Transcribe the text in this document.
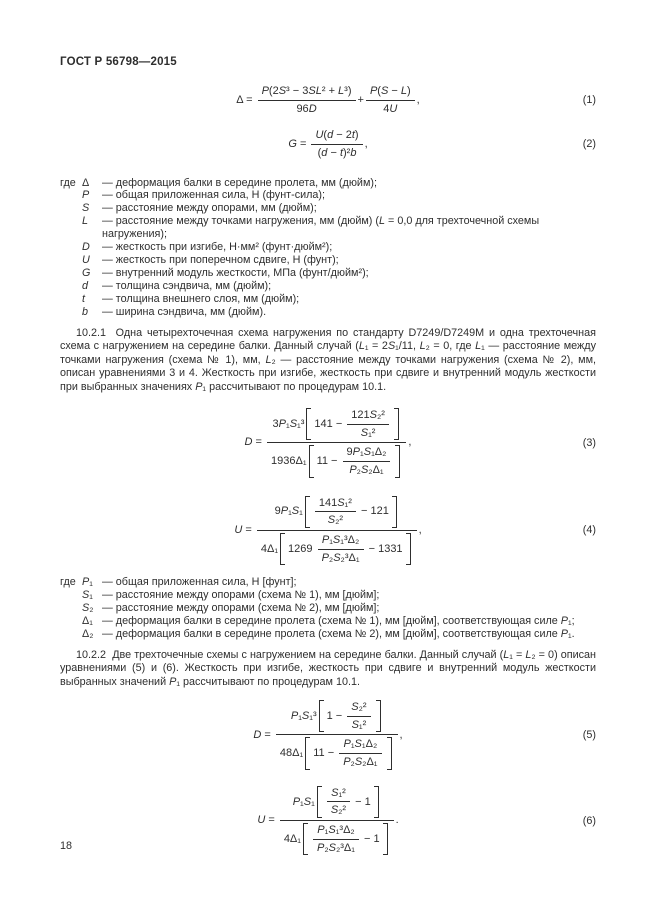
ГОСТ Р 56798—2015
$\Delta = \frac{\text{P (2 S ³ − 3 SL ² + L ³)}}{96 D} + \frac{P ( S - L )}{4 U}$ ,	(1)
$G = \frac{U ( d - 2 t )}{\text{( d − t )² b}}$ ,	(2)
где Δ	— деформация балки в середине пролета, мм (дюйм);
P	— общая приложенная сила, Н (фунт-сила);
S	— расстояние между опорами, мм (дюйм);
L	— расстояние между точками нагружения, мм (дюйм) (L = 0,0 для трехточечной схемы нагружения);
D	— жесткость при изгибе, Н·мм² (фунт·дюйм²);
U	— жесткость при поперечном сдвиге, Н (фунт);
G	— внутренний модуль жесткости, МПа (фунт/дюйм²);
d	— толщина сэндвича, мм (дюйм);
t	— толщина внешнего слоя, мм (дюйм);
b	— ширина сэндвича, мм (дюйм).
10.2.1  Одна четырехточечная схема нагружения по стандарту D7249/D7249M и одна трехточечная схема с нагружением на середине балки. Данный случай (L₁ = 2S₁/11, L₂ = 0, где L₁ — расстояние между точками нагружения (схема № 1), мм, L₂ — расстояние между точками нагружения (схема № 2), мм, описан уравнениями 3 и 4. Жесткость при изгибе, жесткость при сдвиге и внутренний модуль жесткости при выбранных значениях P₁ рассчитывают по процедурам 10.1.
$D = \frac{3P_1S_1^3 141 - \frac{\text{121 S ₂²}}{\text{S ₁²}}}{1936\Delta_1 11 - \frac{\text{9 P ₁ S ₁ Δ₂}}{\text{P ₂ S ₂ Δ₁}}}$ ,	(3)
U =
$9P_1S_1 \frac{\text{141 S ₁²}}{\text{S ₂²}} - 121$
4Δ₁ $1269 \frac{\text{P ₁ S ₁³ Δ₂}}{\text{P ₂ S ₂³ Δ₁}} - 1331$
,	(4)
где P₁ — общая приложенная сила, Н [фунт];
S₁ — расстояние между опорами (схема № 1), мм [дюйм];
S₂ — расстояние между опорами (схема № 2), мм [дюйм];
Δ₁ — деформация балки в середине пролета (схема № 1), мм [дюйм], соответствующая силе P₁;
Δ₂ — деформация балки в середине пролета (схема № 2), мм [дюйм], соответствующая силе P₁.
10.2.2  Две трехточечные схемы с нагружением на середине балки. Данный случай (L₁ = L₂ = 0) описан уравнениями (5) и (6). Жесткость при изгибе, жесткость при сдвиге и внутренний модуль жесткости выбранных значений P₁ рассчитывают по процедурам 10.1.
$D = \frac{P_1S_1^3 1 - \frac{\text{S ₂²}}{\text{S ₁²}}}{48\Delta_1 11 - \frac{\text{P ₁ S ₁ Δ₂}}{\text{P ₂ S ₂ Δ₁}}}$ ,	(5)
U =
$P_1S_1 \frac{\text{S ₁²}}{\text{S ₂²}} - 1$
$4\Delta_1 \frac{\text{P ₁ S ₁³ Δ₂}}{\text{P ₂ S ₂³ Δ₁}} - 1$
.	(6)
18
